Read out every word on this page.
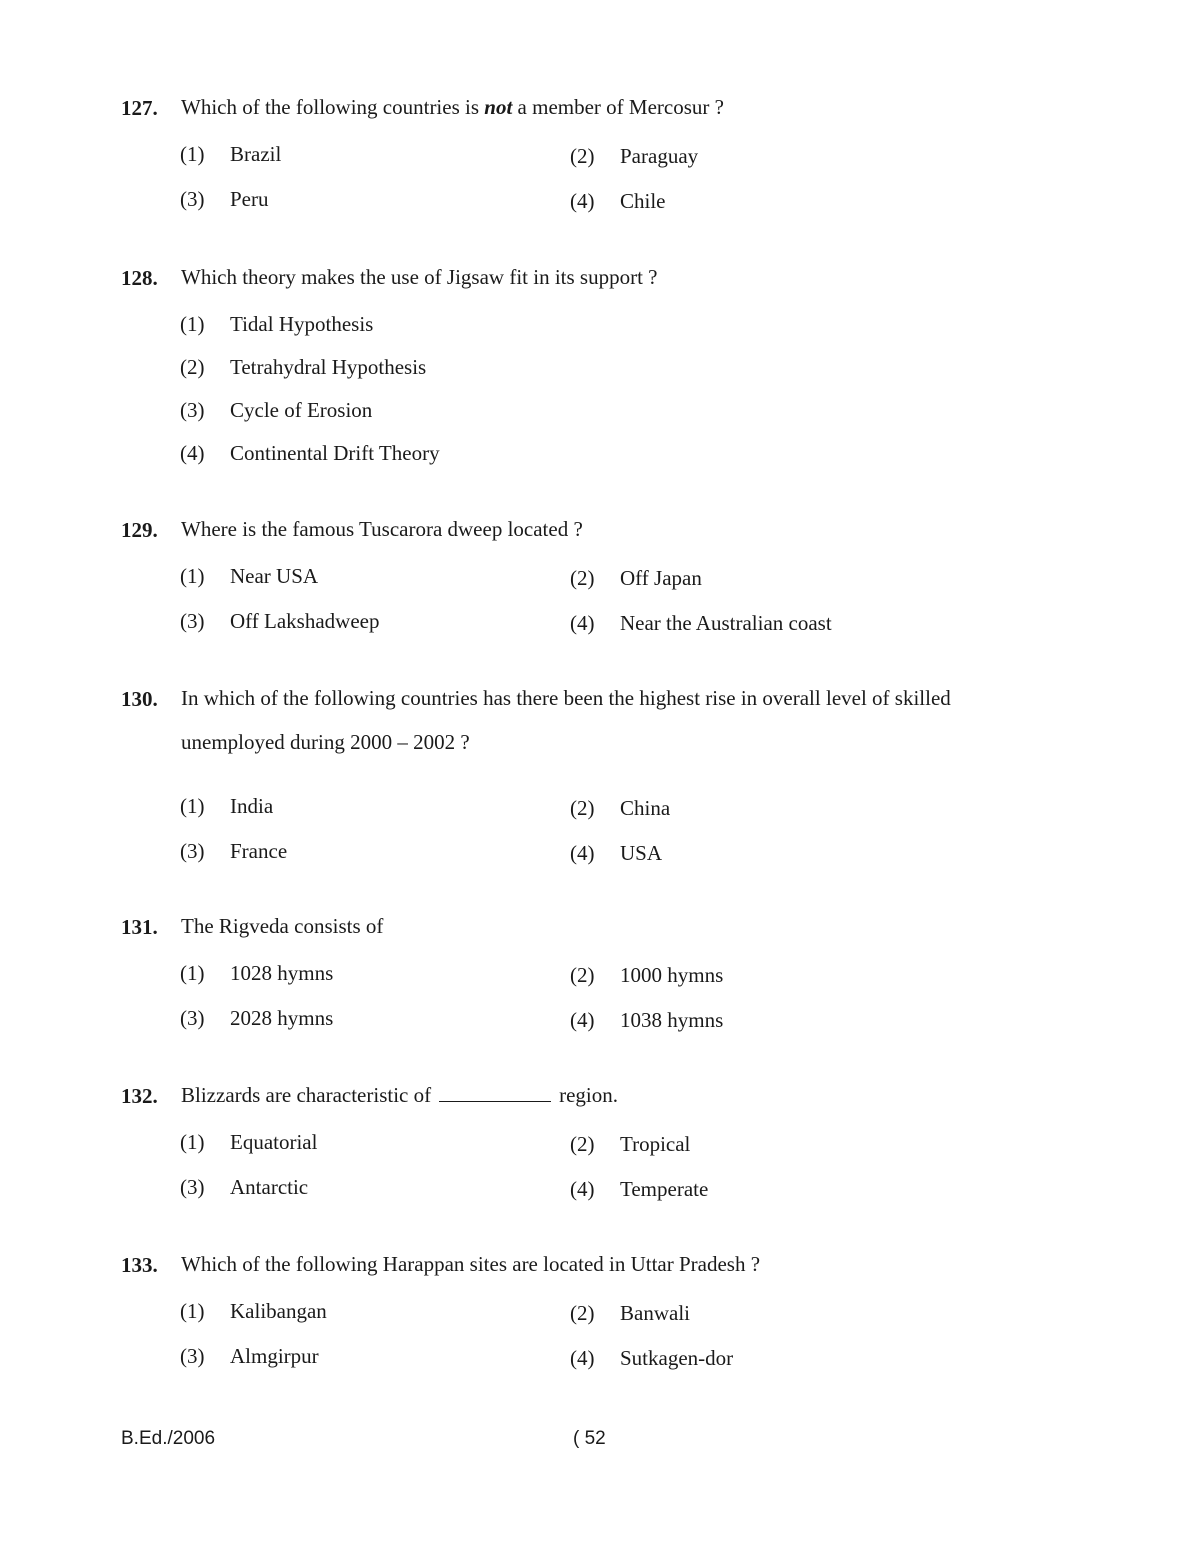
127. Which of the following countries is not a member of Mercosur ?
(1) Brazil	(2) Paraguay
(3) Peru	(4) Chile
128. Which theory makes the use of Jigsaw fit in its support ?
(1) Tidal Hypothesis
(2) Tetrahydral Hypothesis
(3) Cycle of Erosion
(4) Continental Drift Theory
129. Where is the famous Tuscarora dweep located ?
(1) Near USA	(2) Off Japan
(3) Off Lakshadweep	(4) Near the Australian coast
130. In which of the following countries has there been the highest rise in overall level of skilled
unemployed during 2000 – 2002 ?
(1) India	(2) China
(3) France	(4) USA
131. The Rigveda consists of
(1) 1028 hymns	(2) 1000 hymns
(3) 2028 hymns	(4) 1038 hymns
132. Blizzards are characteristic of	region.
(1) Equatorial	(2) Tropical
(3) Antarctic	(4) Temperate
133. Which of the following Harappan sites are located in Uttar Pradesh ?
(1) Kalibangan	(2) Banwali
(3) Almgirpur	(4) Sutkagen-dor
B.Ed./2006	( 52
